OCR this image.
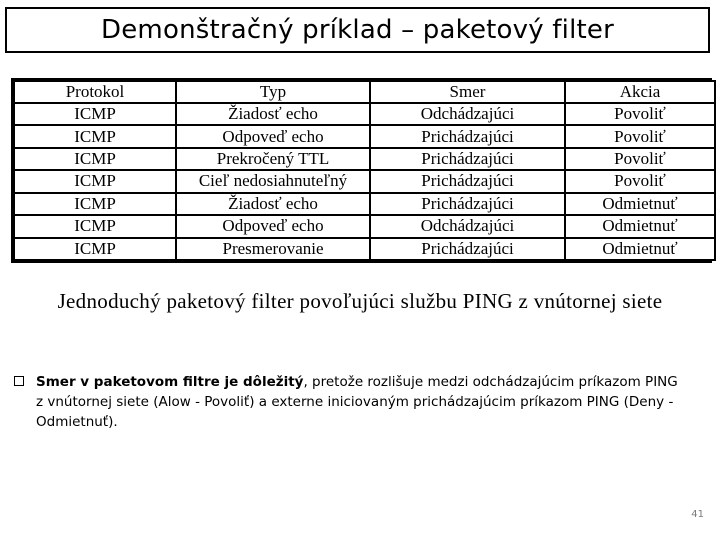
Demonštračný príklad – paketový filter
Protokol	Typ	Smer	Akcia
ICMP	Žiadosť echo	Odchádzajúci	Povoliť
ICMP	Odpoveď echo	Prichádzajúci	Povoliť
ICMP	Prekročený TTL	Prichádzajúci	Povoliť
ICMP	Cieľ nedosiahnuteľný	Prichádzajúci	Povoliť
ICMP	Žiadosť echo	Prichádzajúci	Odmietnuť
ICMP	Odpoveď echo	Odchádzajúci	Odmietnuť
ICMP	Presmerovanie	Prichádzajúci	Odmietnuť
Jednoduchý paketový filter povoľujúci službu PING z vnútornej siete
Smer v paketovom filtre je dôležitý, pretože rozlišuje medzi odchádzajúcim príkazom PING z vnútornej siete (Alow - Povoliť) a externe iniciovaným prichádzajúcim príkazom PING (Deny - Odmietnuť).
41
